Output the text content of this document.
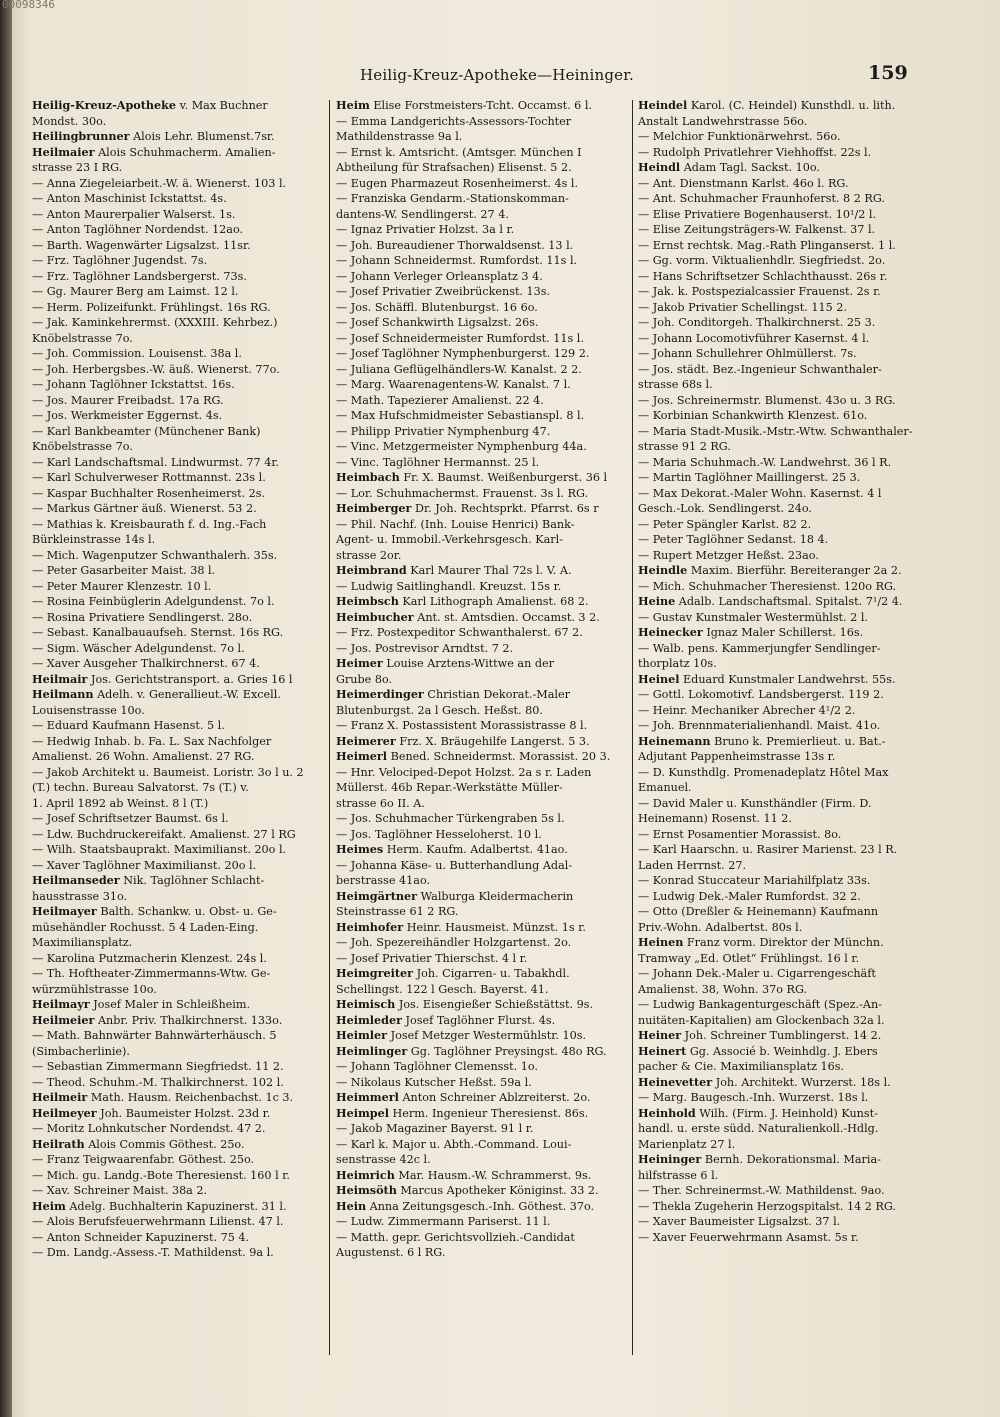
00098346
Heilig-Kreuz-Apotheke—Heininger.	159
Heilig-Kreuz-Apotheke v. Max Buchner
Mondst. 30o.
Heilingbrunner Alois Lehr. Blumenst.7sr.
Heilmaier Alois Schuhmacherm. Amalien-
strasse 23 I RG.
— Anna Ziegeleiarbeit.-W. ä. Wienerst. 103 l.
— Anton Maschinist Ickstattst. 4s.
— Anton Maurerpalier Walserst. 1s.
— Anton Taglöhner Nordendst. 12ao.
— Barth. Wagenwärter Ligsalzst. 11sr.
— Frz. Taglöhner Jugendst. 7s.
— Frz. Taglöhner Landsbergerst. 73s.
— Gg. Maurer Berg am Laimst. 12 l.
— Herm. Polizeifunkt. Frühlingst. 16s RG.
— Jak. Kaminkehrermst. (XXXIII. Kehrbez.)
Knöbelstrasse 7o.
— Joh. Commission. Louisenst. 38a l.
— Joh. Herbergsbes.-W. äuß. Wienerst. 77o.
— Johann Taglöhner Ickstattst. 16s.
— Jos. Maurer Freibadst. 17a RG.
— Jos. Werkmeister Eggernst. 4s.
— Karl Bankbeamter (Münchener Bank)
Knöbelstrasse 7o.
— Karl Landschaftsmal. Lindwurmst. 77 4r.
— Karl Schulverweser Rottmannst. 23s l.
— Kaspar Buchhalter Rosenheimerst. 2s.
— Markus Gärtner äuß. Wienerst. 53 2.
— Mathias k. Kreisbaurath f. d. Ing.-Fach
Bürkleinstrasse 14s l.
— Mich. Wagenputzer Schwanthalerh. 35s.
— Peter Gasarbeiter Maist. 38 l.
— Peter Maurer Klenzestr. 10 l.
— Rosina Feinbüglerin Adelgundenst. 7o l.
— Rosina Privatiere Sendlingerst. 28o.
— Sebast. Kanalbauaufseh. Sternst. 16s RG.
— Sigm. Wäscher Adelgundenst. 7o l.
— Xaver Ausgeher Thalkirchnerst. 67 4.
Heilmair Jos. Gerichtstransport. a. Gries 16 l
Heilmann Adelh. v. Generallieut.-W. Excell.
Louisenstrasse 10o.
— Eduard Kaufmann Hasenst. 5 l.
— Hedwig Inhab. b. Fa. L. Sax Nachfolger
Amalienst. 26 Wohn. Amalienst. 27 RG.
— Jakob Architekt u. Baumeist. Loristr. 3o l u. 2
(T.) techn. Bureau Salvatorst. 7s (T.) v.
1. April 1892 ab Weinst. 8 l (T.)
— Josef Schriftsetzer Baumst. 6s l.
— Ldw. Buchdruckereifakt. Amalienst. 27 l RG
— Wilh. Staatsbauprakt. Maximilianst. 20o l.
— Xaver Taglöhner Maximilianst. 20o l.
Heilmanseder Nik. Taglöhner Schlacht-
hausstrasse 31o.
Heilmayer Balth. Schankw. u. Obst- u. Ge-
müsehändler Rochusst. 5 4 Laden-Eing.
Maximiliansplatz.
— Karolina Putzmacherin Klenzest. 24s l.
— Th. Hoftheater-Zimmermanns-Wtw. Ge-
würzmühlstrasse 10o.
Heilmayr Josef Maler in Schleißheim.
Heilmeier Anbr. Priv. Thalkirchnerst. 133o.
— Math. Bahnwärter Bahnwärterhäusch. 5
(Simbacherlinie).
— Sebastian Zimmermann Siegfriedst. 11 2.
— Theod. Schuhm.-M. Thalkirchnerst. 102 l.
Heilmeir Math. Hausm. Reichenbachst. 1c 3.
Heilmeyer Joh. Baumeister Holzst. 23d r.
— Moritz Lohnkutscher Nordendst. 47 2.
Heilrath Alois Commis Göthest. 25o.
— Franz Teigwaarenfabr. Göthest. 25o.
— Mich. gu. Landg.-Bote Theresienst. 160 l r.
— Xav. Schreiner Maist. 38a 2.
Heim Adelg. Buchhalterin Kapuzinerst. 31 l.
— Alois Berufsfeuerwehrmann Lilienst. 47 l.
— Anton Schneider Kapuzinerst. 75 4.
— Dm. Landg.-Assess.-T. Mathildenst. 9a l.
Heim Elise Forstmeisters-Tcht. Occamst. 6 l.
— Emma Landgerichts-Assessors-Tochter
Mathildenstrasse 9a l.
— Ernst k. Amtsricht. (Amtsger. München I
Abtheilung für Strafsachen) Elisenst. 5 2.
— Eugen Pharmazeut Rosenheimerst. 4s l.
— Franziska Gendarm.-Stationskomman-
dantens-W. Sendlingerst. 27 4.
— Ignaz Privatier Holzst. 3a l r.
— Joh. Bureaudiener Thorwaldsenst. 13 l.
— Johann Schneidermst. Rumfordst. 11s l.
— Johann Verleger Orleansplatz 3 4.
— Josef Privatier Zweibrückenst. 13s.
— Jos. Schäffl. Blutenburgst. 16 6o.
— Josef Schankwirth Ligsalzst. 26s.
— Josef Schneidermeister Rumfordst. 11s l.
— Josef Taglöhner Nymphenburgerst. 129 2.
— Juliana Geflügelhändlers-W. Kanalst. 2 2.
— Marg. Waarenagentens-W. Kanalst. 7 l.
— Math. Tapezierer Amalienst. 22 4.
— Max Hufschmidmeister Sebastianspl. 8 l.
— Philipp Privatier Nymphenburg 47.
— Vinc. Metzgermeister Nymphenburg 44a.
— Vinc. Taglöhner Hermannst. 25 l.
Heimbach Fr. X. Baumst. Weißenburgerst. 36 l
— Lor. Schuhmachermst. Frauenst. 3s l. RG.
Heimberger Dr. Joh. Rechtsprkt. Pfarrst. 6s r
— Phil. Nachf. (Inh. Louise Henrici) Bank-
Agent- u. Immobil.-Verkehrsgesch. Karl-
strasse 2or.
Heimbrand Karl Maurer Thal 72s l. V. A.
— Ludwig Saitlinghandl. Kreuzst. 15s r.
Heimbsch Karl Lithograph Amalienst. 68 2.
Heimbucher Ant. st. Amtsdien. Occamst. 3 2.
— Frz. Postexpeditor Schwanthalerst. 67 2.
— Jos. Postrevisor Arndtst. 7 2.
Heimer Louise Arztens-Wittwe an der
Grube 8o.
Heimerdinger Christian Dekorat.-Maler
Blutenburgst. 2a l Gesch. Heßst. 80.
— Franz X. Postassistent Morassistrasse 8 l.
Heimerer Frz. X. Bräugehilfe Langerst. 5 3.
Heimerl Bened. Schneidermst. Morassist. 20 3.
— Hnr. Velociped-Depot Holzst. 2a s r. Laden
Müllerst. 46b Repar.-Werkstätte Müller-
strasse 6o II. A.
— Jos. Schuhmacher Türkengraben 5s l.
— Jos. Taglöhner Hesseloherst. 10 l.
Heimes Herm. Kaufm. Adalbertst. 41ao.
— Johanna Käse- u. Butterhandlung Adal-
berstrasse 41ao.
Heimgärtner Walburga Kleidermacherin
Steinstrasse 61 2 RG.
Heimhofer Heinr. Hausmeist. Münzst. 1s r.
— Joh. Spezereihändler Holzgartenst. 2o.
— Josef Privatier Thierschst. 4 l r.
Heimgreiter Joh. Cigarren- u. Tabakhdl.
Schellingst. 122 l Gesch. Bayerst. 41.
Heimisch Jos. Eisengießer Schießstättst. 9s.
Heimleder Josef Taglöhner Flurst. 4s.
Heimler Josef Metzger Westermühlstr. 10s.
Heimlinger Gg. Taglöhner Preysingst. 48o RG.
— Johann Taglöhner Clemensst. 1o.
— Nikolaus Kutscher Heßst. 59a l.
Heimmerl Anton Schreiner Ablzreiterst. 2o.
Heimpel Herm. Ingenieur Theresienst. 86s.
— Jakob Magaziner Bayerst. 91 l r.
— Karl k. Major u. Abth.-Command. Loui-
senstrasse 42c l.
Heimrich Mar. Hausm.-W. Schrammerst. 9s.
Heimsöth Marcus Apotheker Königinst. 33 2.
Hein Anna Zeitungsgesch.-Inh. Göthest. 37o.
— Ludw. Zimmermann Pariserst. 11 l.
— Matth. gepr. Gerichtsvollzieh.-Candidat
Augustenst. 6 l RG.
Heindel Karol. (C. Heindel) Kunsthdl. u. lith.
Anstalt Landwehrstrasse 56o.
— Melchior Funktionärwehrst. 56o.
— Rudolph Privatlehrer Viehhoffst. 22s l.
Heindl Adam Tagl. Sackst. 10o.
— Ant. Dienstmann Karlst. 46o l. RG.
— Ant. Schuhmacher Fraunhoferst. 8 2 RG.
— Elise Privatiere Bogenhauserst. 10¹/2 l.
— Elise Zeitungsträgers-W. Falkenst. 37 l.
— Ernst rechtsk. Mag.-Rath Plinganserst. 1 l.
— Gg. vorm. Viktualienhdlr. Siegfriedst. 2o.
— Hans Schriftsetzer Schlachthausst. 26s r.
— Jak. k. Postspezialcassier Frauenst. 2s r.
— Jakob Privatier Schellingst. 115 2.
— Joh. Conditorgeh. Thalkirchnerst. 25 3.
— Johann Locomotivführer Kasernst. 4 l.
— Johann Schullehrer Ohlmüllerst. 7s.
— Jos. städt. Bez.-Ingenieur Schwanthaler-
strasse 68s l.
— Jos. Schreinermstr. Blumenst. 43o u. 3 RG.
— Korbinian Schankwirth Klenzest. 61o.
— Maria Stadt-Musik.-Mstr.-Wtw. Schwanthaler-
strasse 91 2 RG.
— Maria Schuhmach.-W. Landwehrst. 36 l R.
— Martin Taglöhner Maillingerst. 25 3.
— Max Dekorat.-Maler Wohn. Kasernst. 4 l
Gesch.-Lok. Sendlingerst. 24o.
— Peter Spängler Karlst. 82 2.
— Peter Taglöhner Sedanst. 18 4.
— Rupert Metzger Heßst. 23ao.
Heindle Maxim. Bierführ. Bereiteranger 2a 2.
— Mich. Schuhmacher Theresienst. 120o RG.
Heine Adalb. Landschaftsmal. Spitalst. 7¹/2 4.
— Gustav Kunstmaler Westermühlst. 2 l.
Heinecker Ignaz Maler Schillerst. 16s.
— Walb. pens. Kammerjungfer Sendlinger-
thorplatz 10s.
Heinel Eduard Kunstmaler Landwehrst. 55s.
— Gottl. Lokomotivf. Landsbergerst. 119 2.
— Heinr. Mechaniker Abrecher 4¹/2 2.
— Joh. Brennmaterialienhandl. Maist. 41o.
Heinemann Bruno k. Premierlieut. u. Bat.-
Adjutant Pappenheimstrasse 13s r.
— D. Kunsthdlg. Promenadeplatz Hôtel Max
Emanuel.
— David Maler u. Kunsthändler (Firm. D.
Heinemann) Rosenst. 11 2.
— Ernst Posamentier Morassist. 8o.
— Karl Haarschn. u. Rasirer Marienst. 23 l R.
Laden Herrnst. 27.
— Konrad Stuccateur Mariahilfplatz 33s.
— Ludwig Dek.-Maler Rumfordst. 32 2.
— Otto (Dreßler & Heinemann) Kaufmann
Priv.-Wohn. Adalbertst. 80s l.
Heinen Franz vorm. Direktor der Münchn.
Tramway „Ed. Otlet“ Frühlingst. 16 l r.
— Johann Dek.-Maler u. Cigarrengeschäft
Amalienst. 38, Wohn. 37o RG.
— Ludwig Bankagenturgeschäft (Spez.-An-
nuitäten-Kapitalien) am Glockenbach 32a l.
Heiner Joh. Schreiner Tumblingerst. 14 2.
Heinert Gg. Associé b. Weinhdlg. J. Ebers
pacher & Cie. Maximiliansplatz 16s.
Heinevetter Joh. Architekt. Wurzerst. 18s l.
— Marg. Baugesch.-Inh. Wurzerst. 18s l.
Heinhold Wilh. (Firm. J. Heinhold) Kunst-
handl. u. erste südd. Naturalienkoll.-Hdlg.
Marienplatz 27 l.
Heininger Bernh. Dekorationsmal. Maria-
hilfstrasse 6 l.
— Ther. Schreinermst.-W. Mathildenst. 9ao.
— Thekla Zugeherin Herzogspitalst. 14 2 RG.
— Xaver Baumeister Ligsalzst. 37 l.
— Xaver Feuerwehrmann Asamst. 5s r.
